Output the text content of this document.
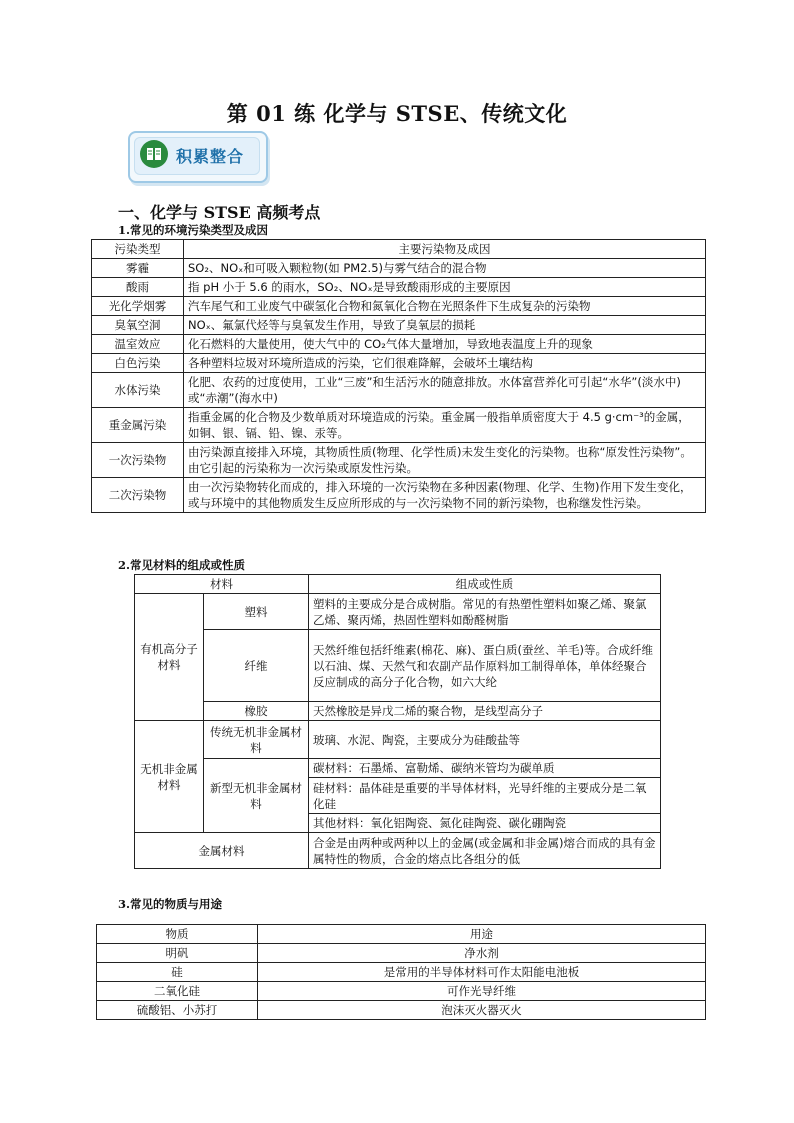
第 01 练 化学与 STSE、传统文化
积累整合
一、化学与 STSE 高频考点
1.常见的环境污染类型及成因
污染类型	主要污染物及成因
雾霾	SO₂、NOₓ和可吸入颗粒物(如 PM2.5)与雾气结合的混合物
酸雨	指 pH 小于 5.6 的雨水，SO₂、NOₓ是导致酸雨形成的主要原因
光化学烟雾	汽车尾气和工业废气中碳氢化合物和氮氧化合物在光照条件下生成复杂的污染物
臭氧空洞	NOₓ、氟氯代烃等与臭氧发生作用，导致了臭氧层的损耗
温室效应	化石燃料的大量使用，使大气中的 CO₂气体大量增加，导致地表温度上升的现象
白色污染	各种塑料垃圾对环境所造成的污染，它们很难降解，会破坏土壤结构
水体污染	化肥、农药的过度使用，工业“三废”和生活污水的随意排放。水体富营养化可引起“水华”(淡水中)或“赤潮”(海水中)
重金属污染	指重金属的化合物及少数单质对环境造成的污染。重金属一般指单质密度大于 4.5 g·cm⁻³的金属，如铜、银、镉、铅、镍、汞等。
一次污染物	由污染源直接排入环境，其物质性质(物理、化学性质)未发生变化的污染物。也称“原发性污染物”。由它引起的污染称为一次污染或原发性污染。
二次污染物	由一次污染物转化而成的，排入环境的一次污染物在多种因素(物理、化学、生物)作用下发生变化，或与环境中的其他物质发生反应所形成的与一次污染物不同的新污染物，也称继发性污染。
2.常见材料的组成或性质
材料		组成或性质
有机高分子材料	塑料	塑料的主要成分是合成树脂。常见的有热塑性塑料如聚乙烯、聚氯乙烯、聚丙烯，热固性塑料如酚醛树脂
	纤维	天然纤维包括纤维素(棉花、麻)、蛋白质(蚕丝、羊毛)等。合成纤维以石油、煤、天然气和农副产品作原料加工制得单体，单体经聚合反应制成的高分子化合物，如六大纶
	橡胶	天然橡胶是异戊二烯的聚合物，是线型高分子
无机非金属材料	传统无机非金属材料	玻璃、水泥、陶瓷，主要成分为硅酸盐等
	新型无机非金属材料	碳材料：石墨烯、富勒烯、碳纳米管均为碳单质
		硅材料：晶体硅是重要的半导体材料，光导纤维的主要成分是二氧化硅
		其他材料：氧化铝陶瓷、氮化硅陶瓷、碳化硼陶瓷
金属材料		合金是由两种或两种以上的金属(或金属和非金属)熔合而成的具有金属特性的物质，合金的熔点比各组分的低
3.常见的物质与用途
物质	用途
明矾	净水剂
硅	是常用的半导体材料可作太阳能电池板
二氧化硅	可作光导纤维
硫酸铝、小苏打	泡沫灭火器灭火
